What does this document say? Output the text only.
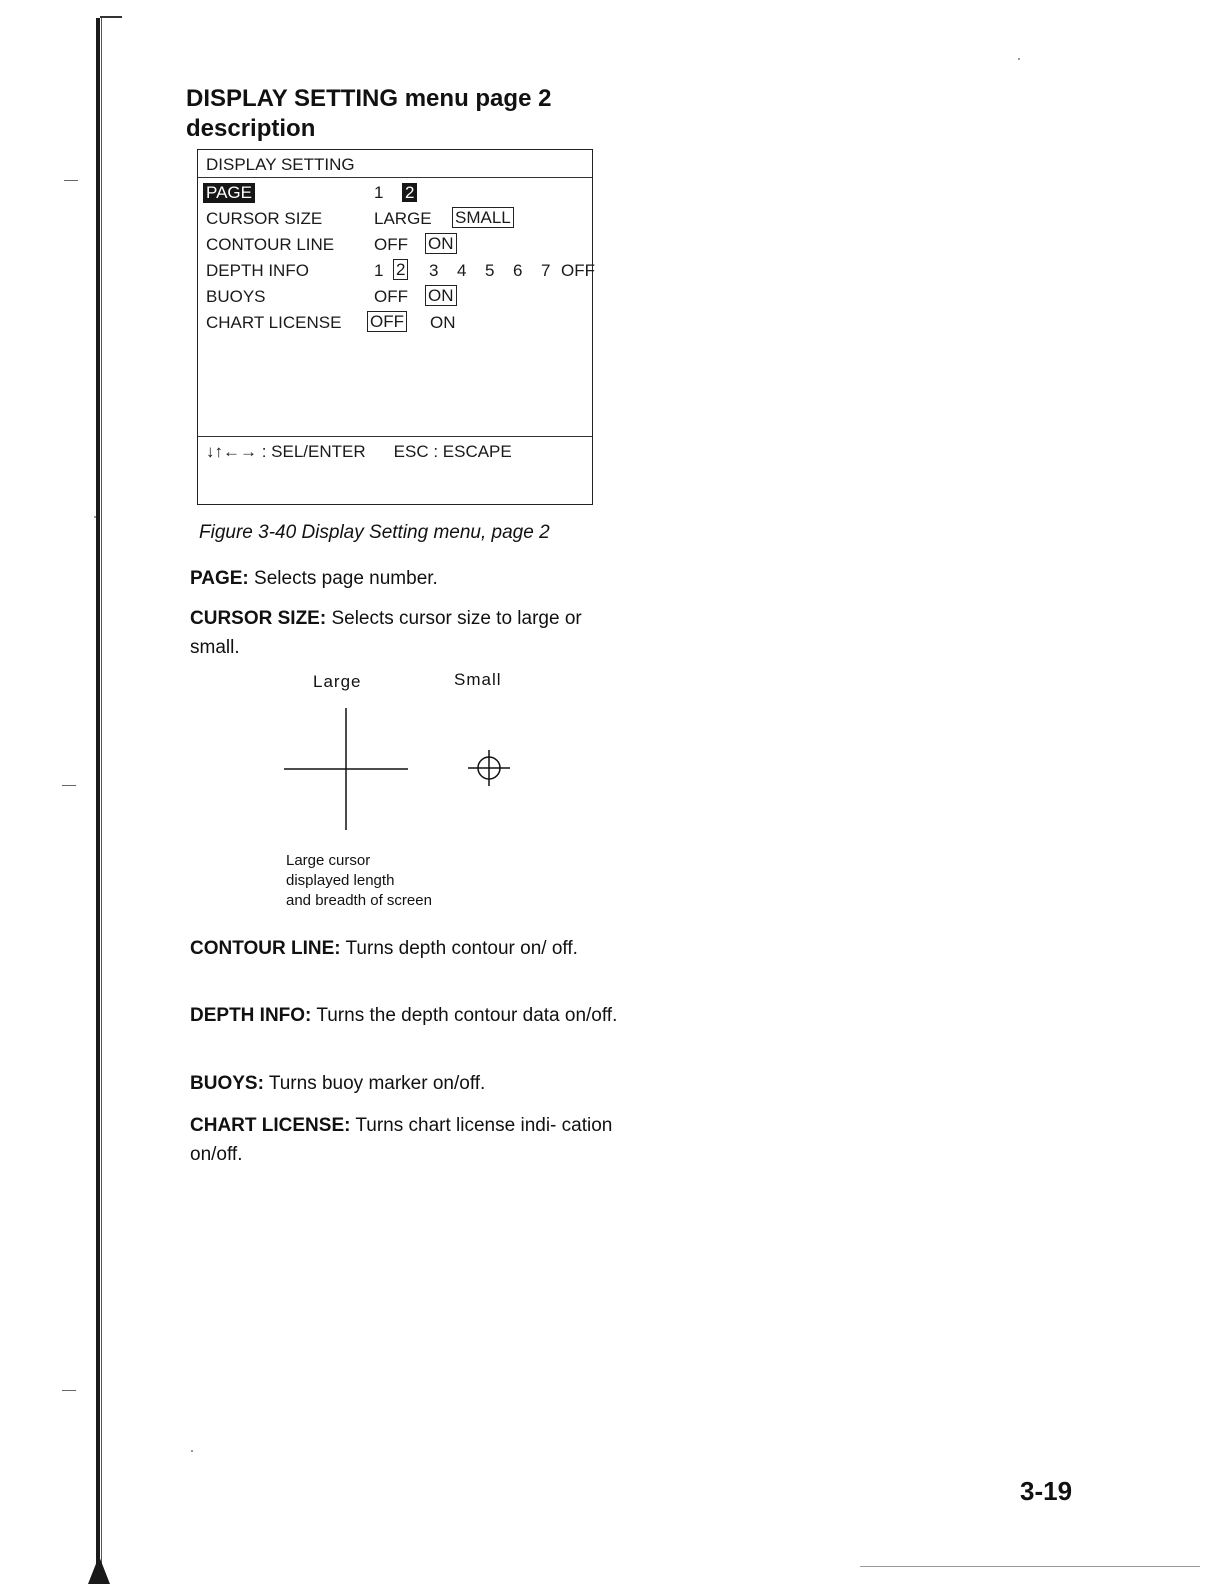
DISPLAY SETTING menu page 2 description
DISPLAY SETTING
PAGE	1 2
CURSOR SIZE	LARGE SMALL
CONTOUR LINE OFF ON
DEPTH INFO	1 2 3 4 5 6 7 OFF
BUOYS	OFF ON
CHART LICENSE OFF ON
↓↑←→ : SEL/ENTER ESC : ESCAPE
Figure 3-40 Display Setting menu, page 2
PAGE: Selects page number.
CURSOR SIZE: Selects cursor size to large or small.
Large	Small
Large cursor
displayed length
and breadth of screen
CONTOUR LINE: Turns depth contour on/ off.
DEPTH INFO: Turns the depth contour data on/off.
BUOYS: Turns buoy marker on/off.
CHART LICENSE: Turns chart license indi- cation on/off.
3-19
